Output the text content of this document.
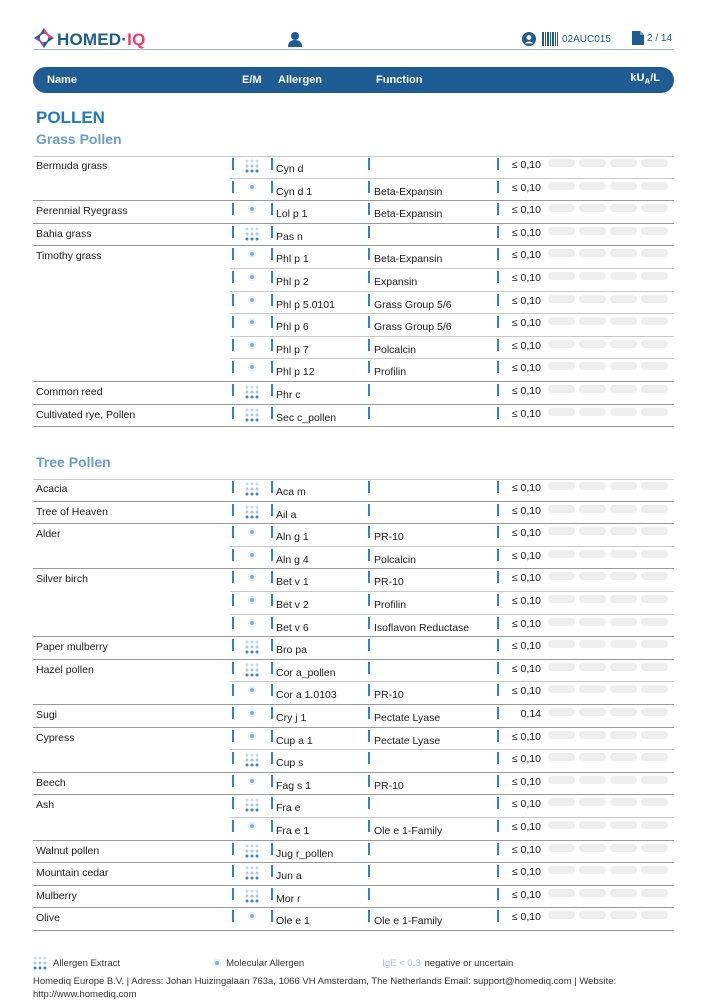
HOMED·IQ	02AUC015	2 / 14
Name	E/M Allergen	Function	$kU_A/L$
POLLEN
Grass Pollen
Bermuda grass	Cyn d	≤ 0,10
Cyn d 1	Beta-Expansin	≤ 0,10
Perennial Ryegrass	Lol p 1	Beta-Expansin	≤ 0,10
Bahia grass	Pas n	≤ 0,10
Timothy grass	Phl p 1	Beta-Expansin	≤ 0,10
Phl p 2	Expansin	≤ 0,10
Phl p 5.0101	Grass Group 5/6	≤ 0,10
Phl p 6	Grass Group 5/6	≤ 0,10
Phl p 7	Polcalcin	≤ 0,10
Phl p 12	Profilin	≤ 0,10
Common reed	Phr c	≤ 0,10
Cultivated rye, Pollen	Sec c_pollen	≤ 0,10
Tree Pollen
Acacia	Aca m	≤ 0,10
Tree of Heaven	Ail a	≤ 0,10
Alder	Aln g 1	PR-10	≤ 0,10
Aln g 4	Polcalcin	≤ 0,10
Silver birch	Bet v 1	PR-10	≤ 0,10
Bet v 2	Profilin	≤ 0,10
Bet v 6	Isoflavon Reductase	≤ 0,10
Paper mulberry	Bro pa	≤ 0,10
Hazel pollen	Cor a_pollen	≤ 0,10
Cor a 1.0103	PR-10	≤ 0,10
Sugi	Cry j 1	Pectate Lyase	0,14
Cypress	Cup a 1	Pectate Lyase	≤ 0,10
Cup s	≤ 0,10
Beech	Fag s 1	PR-10	≤ 0,10
Ash	Fra e	≤ 0,10
Fra e 1	Ole e 1-Family	≤ 0,10
Walnut pollen	Jug r_pollen	≤ 0,10
Mountain cedar	Jun a	≤ 0,10
Mulberry	Mor r	≤ 0,10
Olive	Ole e 1	Ole e 1-Family	≤ 0,10
Allergen Extract	Molecular Allergen	IgE < 0,3 negative or uncertain
Homediq Europe B.V. | Adress: Johan Huizingalaan 763a, 1066 VH Amsterdam, The Netherlands Email: support@homediq.com | Website: http://www.homediq.com
